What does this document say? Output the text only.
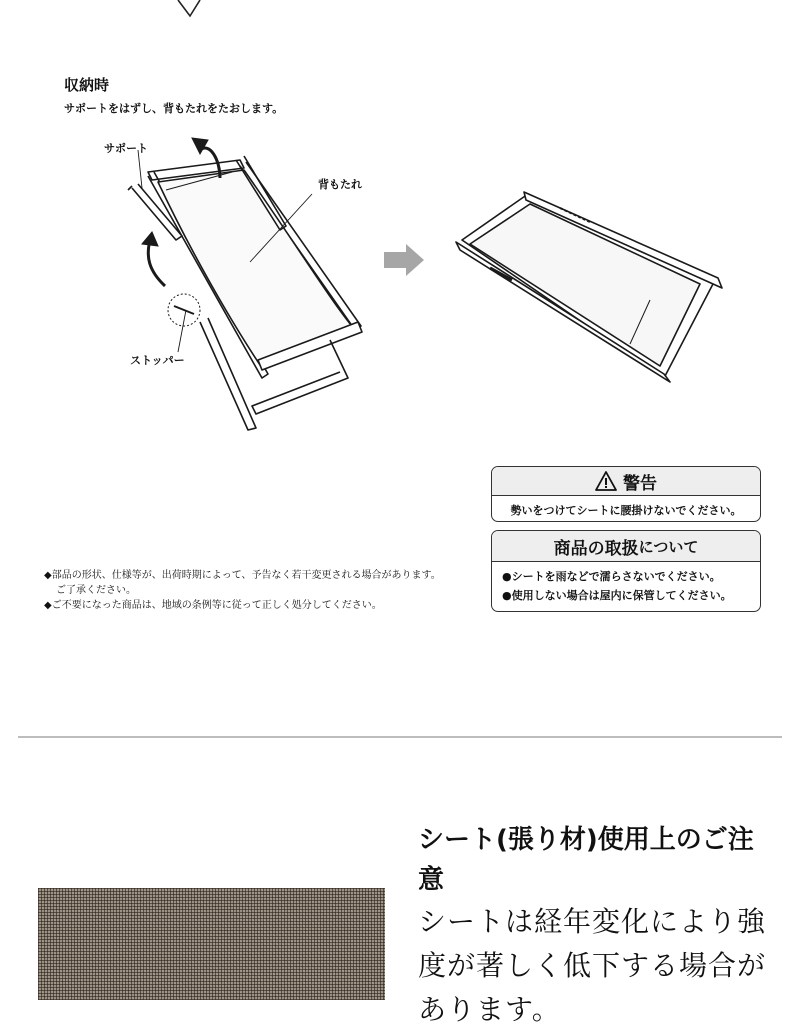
収納時
サポートをはずし、背もたれをたおします。
サポート
背もたれ
ストッパー
警告
勢いをつけてシートに腰掛けないでください。
商品の取扱 について
●シートを雨などで濡らさないでください。
●使用しない場合は屋内に保管してください。

◆部品の形状、仕様等が、出荷時期によって、予告なく若干変更される場合があります。

ご了承ください。

◆ご不要になった商品は、地域の条例等に従って正しく処分してください。

シート(張り材)使用上のご注意
シートは経年変化により強度が著しく低下する場合があります。
